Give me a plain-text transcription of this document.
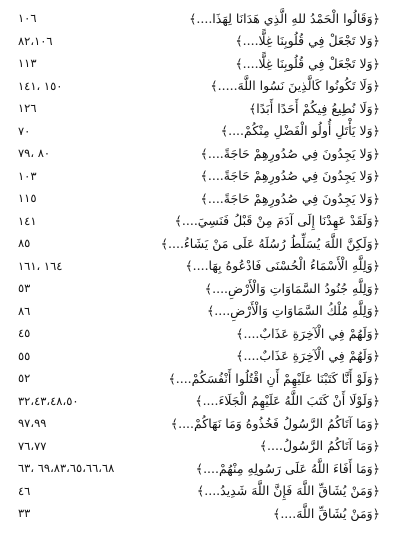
١٠٦	﴿وَقَالُوا الْحَمْدُ للهِ الَّذِي هَدَانَا لِهَذَا....﴾
٨٢،١٠٦	﴿وَلا تَجْعَلْ فِي قُلُوبِنَا غِلًّا....﴾
١١٣	﴿وَلا تَجْعَلْ فِي قُلُوبِنَا غِلًّا....﴾
١٥٠ ،١٤١	﴿وَلَا تَكُونُوا كَالَّذِينَ نَسُوا اللَّهَ.....﴾
١٢٦	﴿وَلَا نُطِيعُ فِيكُمْ أَحَدًا أَبَدًا﴾
٧٠	﴿وَلا يَأْتَلِ أُولُو الْفَضْلِ مِنْكُمْ....﴾
٨٠ ،٧٩	﴿وَلا يَجِدُونَ فِي صُدُورِهِمْ حَاجَةً....﴾
١٠٣	﴿وَلا يَجِدُونَ فِي صُدُورِهِمْ حَاجَةً....﴾
١١٥	﴿وَلا يَجِدُونَ فِي صُدُورِهِمْ حَاجَةً....﴾
١٤١	﴿وَلَقَدْ عَهِدْنَا إِلَى آدَمَ مِنْ قَبْلُ فَنَسِيَ....﴾
٨٥	﴿وَلَكِنَّ اللَّهَ يُسَلِّطُ رُسُلَهُ عَلَى مَنْ يَشَاءُ....﴾
١٦٤ ،١٦١	﴿وَلِلَّهِ الْأَسْمَاءُ الْحُسْنَى فَادْعُوهُ بِهَا....﴾
٥٣	﴿وَلِلَّهِ جُنُودُ السَّمَاوَاتِ وَالْأَرْضِ....﴾
٨٦	﴿وَلِلَّهِ مُلْكُ السَّمَاوَاتِ وَالْأَرْضِ....﴾
٤٥	﴿وَلَهُمْ فِي الْآخِرَةِ عَذَابٌ....﴾
٥٥	﴿وَلَهُمْ فِي الْآخِرَةِ عَذَابٌ....﴾
٥٢	﴿وَلَوْ أَنَّا كَتَبْنَا عَلَيْهِمْ أَنِ اقْتُلُوا أَنْفُسَكُمْ....﴾
٣٢،٤٣،٤٨،٥٠	﴿وَلَوْلَا أَنْ كَتَبَ اللَّهُ عَلَيْهِمُ الْجَلَاءَ....﴾
٩٧،٩٩	﴿وَمَا آتَاكُمُ الرَّسُولُ فَخُذُوهُ وَمَا نَهَاكُمْ....﴾
٧٦،٧٧	﴿وَمَا آتَاكُمُ الرَّسُولُ....﴾
٦٩،٨٣،٦٥،٦٦،٦٨ ،٦٣	﴿وَمَا أَفَاءَ اللَّهُ عَلَى رَسُولِهِ مِنْهُمْ....﴾
٤٦	﴿وَمَنْ يُشَاقِّ اللَّهَ فَإِنَّ اللَّهَ شَدِيدُ....﴾
٣٣	﴿وَمَنْ يُشَاقِّ اللَّهَ....﴾
